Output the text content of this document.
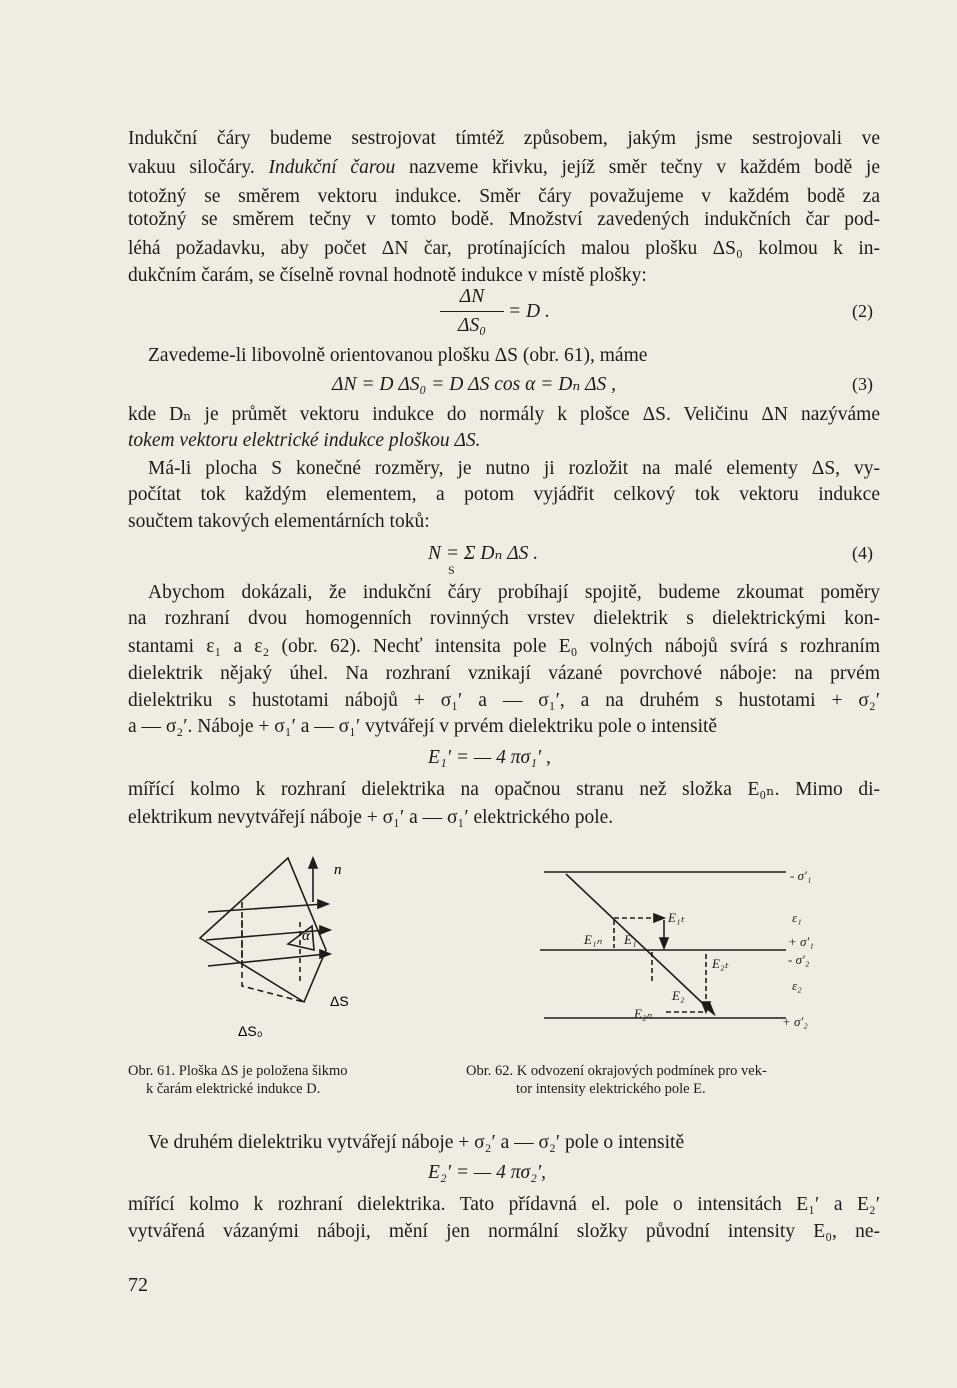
Indukční čáry budeme sestrojovat tímtéž způsobem, jakým jsme sestrojovali ve
vakuu siločáry. Indukční čarou nazveme křivku, jejíž směr tečny v každém bodě je
totožný se směrem vektoru indukce. Směr čáry považujeme v každém bodě za
totožný se směrem tečny v tomto bodě. Množství zavedených indukčních čar pod-
léhá požadavku, aby počet ΔN čar, protínajících malou plošku ΔS₀ kolmou k in-
dukčním čarám, se číselně rovnal hodnotě indukce v místě plošky:
ΔN
ΔS₀
= D .	(2)
Zavedeme-li libovolně orientovanou plošku ΔS (obr. 61), máme
ΔN = D ΔS₀ = D ΔS cos α = Dₙ ΔS ,	(3)
kde Dₙ je průmět vektoru indukce do normály k plošce ΔS. Veličinu ΔN nazýváme
tokem vektoru elektrické indukce ploškou ΔS.
Má-li plocha S konečné rozměry, je nutno ji rozložit na malé elementy ΔS, vy-
počítat tok každým elementem, a potom vyjádřit celkový tok vektoru indukce
součtem takových elementárních toků:
N = Σ Dₙ ΔS .
S
(4)
Abychom dokázali, že indukční čáry probíhají spojitě, budeme zkoumat poměry
na rozhraní dvou homogenních rovinných vrstev dielektrik s dielektrickými kon-
stantami ε₁ a ε₂ (obr. 62). Nechť intensita pole E₀ volných nábojů svírá s rozhraním
dielektrik nějaký úhel. Na rozhraní vznikají vázané povrchové náboje: na prvém
dielektriku s hustotami nábojů + σ₁′ a — σ₁′, a na druhém s hustotami + σ₂′
a — σ₂′. Náboje + σ₁′ a — σ₁′ vytvářejí v prvém dielektriku pole o intensitě
E₁′ = — 4 πσ₁′ ,
mířící kolmo k rozhraní dielektrika na opačnou stranu než složka E₀ₙ. Mimo di-
elektrikum nevytvářejí náboje + σ₁′ a — σ₁′ elektrického pole.
n
α
ΔS
ΔS₀
- σ′₁
ε₁
+ σ′₁
- σ′₂
ε₂
+ σ′₂
E₁ₜ
E₁ₙ E₁
E₂ₜ
E₂
E₂ₙ
Obr. 61. Ploška ΔS je položena šikmo
k čarám elektrické indukce D.
Obr. 62. K odvození okrajových podmínek pro vek-
tor intensity elektrického pole E.
Ve druhém dielektriku vytvářejí náboje + σ₂′ a — σ₂′ pole o intensitě
E₂′ = — 4 πσ₂′,
mířící kolmo k rozhraní dielektrika. Tato přídavná el. pole o intensitách E₁′ a E₂′
vytvářená vázanými náboji, mění jen normální složky původní intensity E₀, ne-
72
